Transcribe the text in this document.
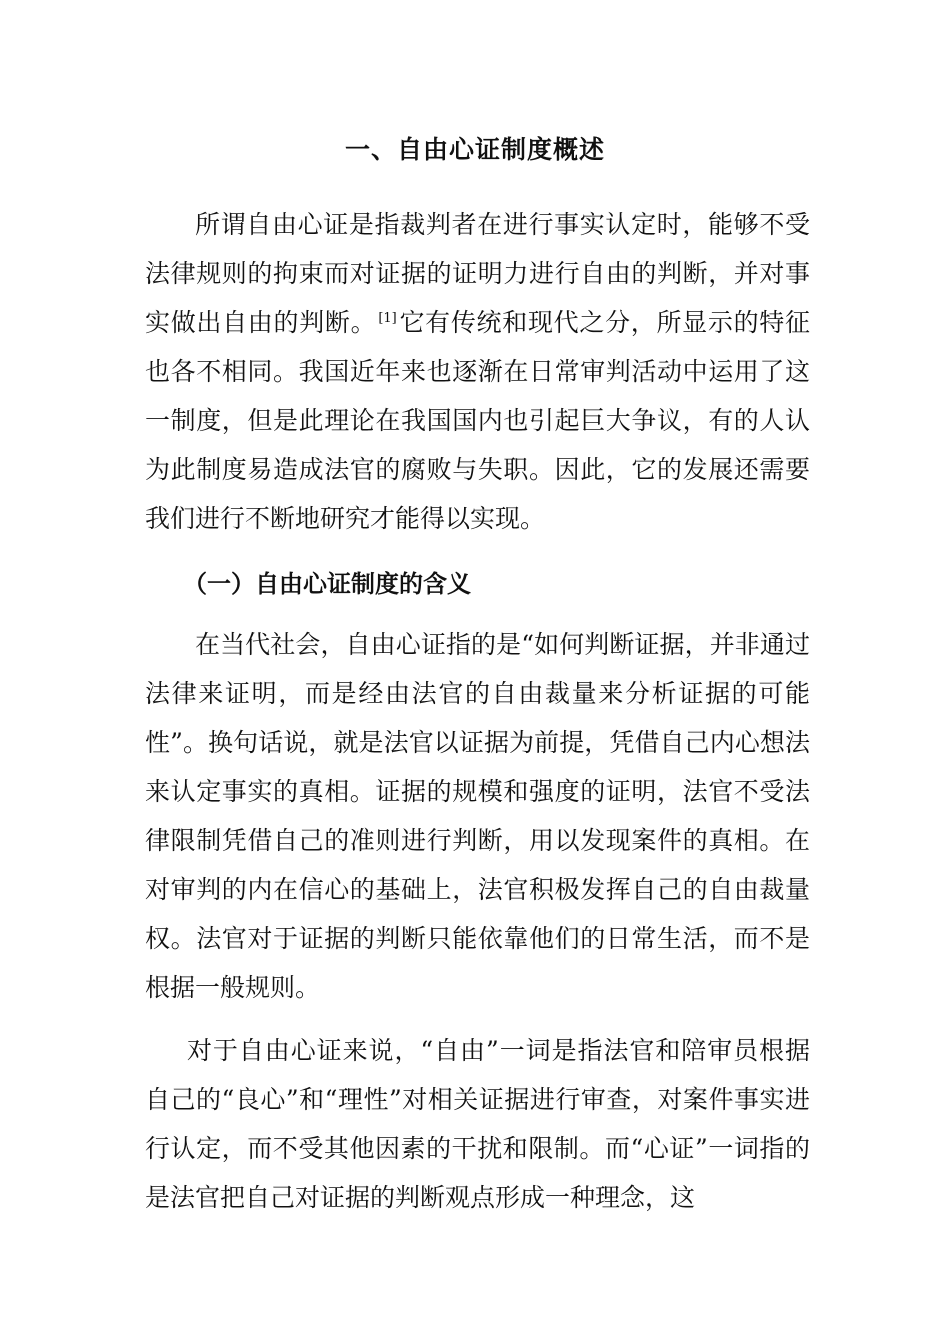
一、自由心证制度概述

所谓自由心证是指裁判者在进行事实认定时，能够不受法律规则的拘束而对证据的证明力进行自由的判断，并对事实做出自由的判断。 [1]它有传统和现代之分，所显示的特征也各不相同。我国近年来也逐渐在日常审判活动中运用了这一制度，但是此理论在我国国内也引起巨大争议，有的人认为此制度易造成法官的腐败与失职。因此，它的发展还需要我们进行不断地研究才能得以实现。

（一）自由心证制度的含义

在当代社会，自由心证指的是“如何判断证据，并非通过法律来证明，而是经由法官的自由裁量来分析证据的可能性”。换句话说，就是法官以证据为前提，凭借自己内心想法来认定事实的真相。证据的规模和强度的证明，法官不受法律限制凭借自己的准则进行判断，用以发现案件的真相。在对审判的内在信心的基础上，法官积极发挥自己的自由裁量权。法官对于证据的判断只能依靠他们的日常生活，而不是根据一般规则。

对于自由心证来说，“自由”一词是指法官和陪审员根据自己的“良心”和“理性”对相关证据进行审查，对案件事实进行认定，而不受其他因素的干扰和限制。而“心证”一词指的是法官把自己对证据的判断观点形成一种理念，这
